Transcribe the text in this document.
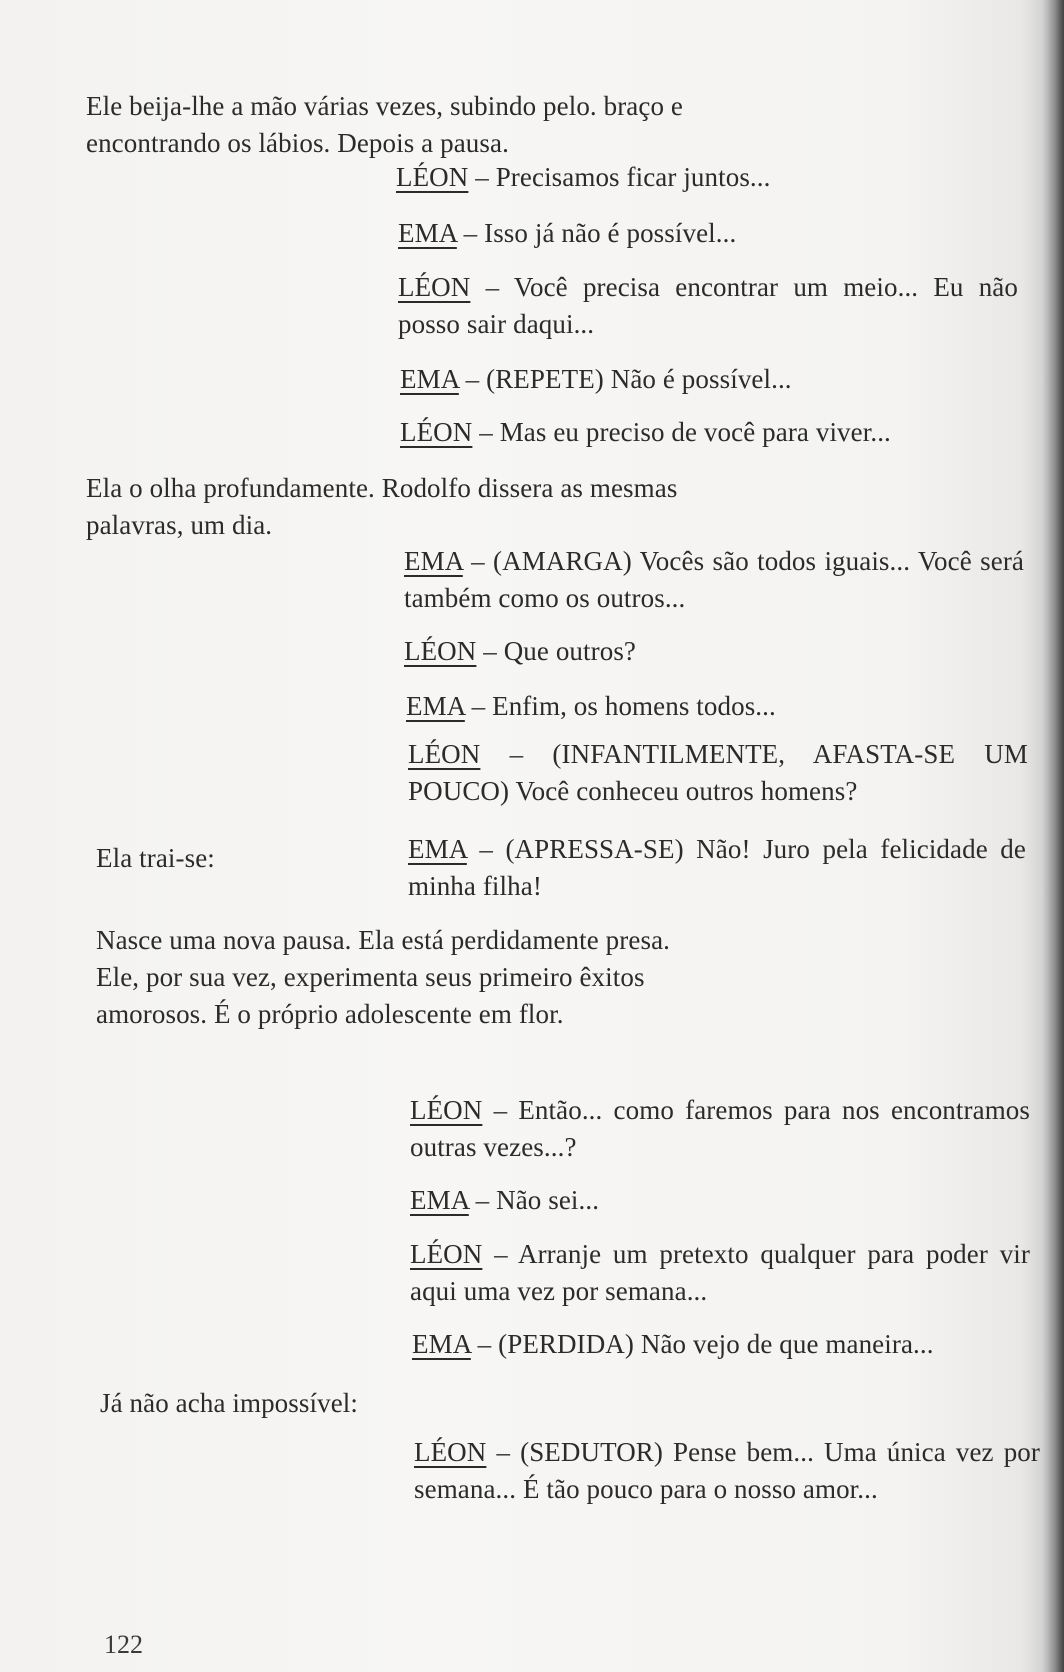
Ele beija-lhe a mão várias vezes, subindo pelo. braço e encontrando os lábios. Depois a pausa.
LÉON – Precisamos ficar juntos...
EMA – Isso já não é possível...
LÉON – Você precisa encontrar um meio... Eu não posso sair daqui...
EMA – (REPETE) Não é possível...
LÉON – Mas eu preciso de você para viver...
Ela o olha profundamente. Rodolfo dissera as mesmas palavras, um dia.
EMA – (AMARGA) Vocês são todos iguais... Você será também como os outros...
LÉON – Que outros?
EMA – Enfim, os homens todos...
LÉON – (INFANTILMENTE, AFASTA-SE UM POUCO) Você conheceu outros homens?
Ela trai-se:	EMA – (APRESSA-SE) Não! Juro pela felicidade de minha filha!
Nasce uma nova pausa. Ela está perdidamente presa. Ele, por sua vez, experimenta seus primeiro êxitos amorosos. É o próprio adolescente em flor.
LÉON – Então... como faremos para nos encontramos outras vezes...?
EMA – Não sei...
LÉON – Arranje um pretexto qualquer para poder vir aqui uma vez por semana...
EMA – (PERDIDA) Não vejo de que maneira...
Já não acha impossível:
LÉON – (SEDUTOR) Pense bem... Uma única vez por semana... É tão pouco para o nosso amor...
122
